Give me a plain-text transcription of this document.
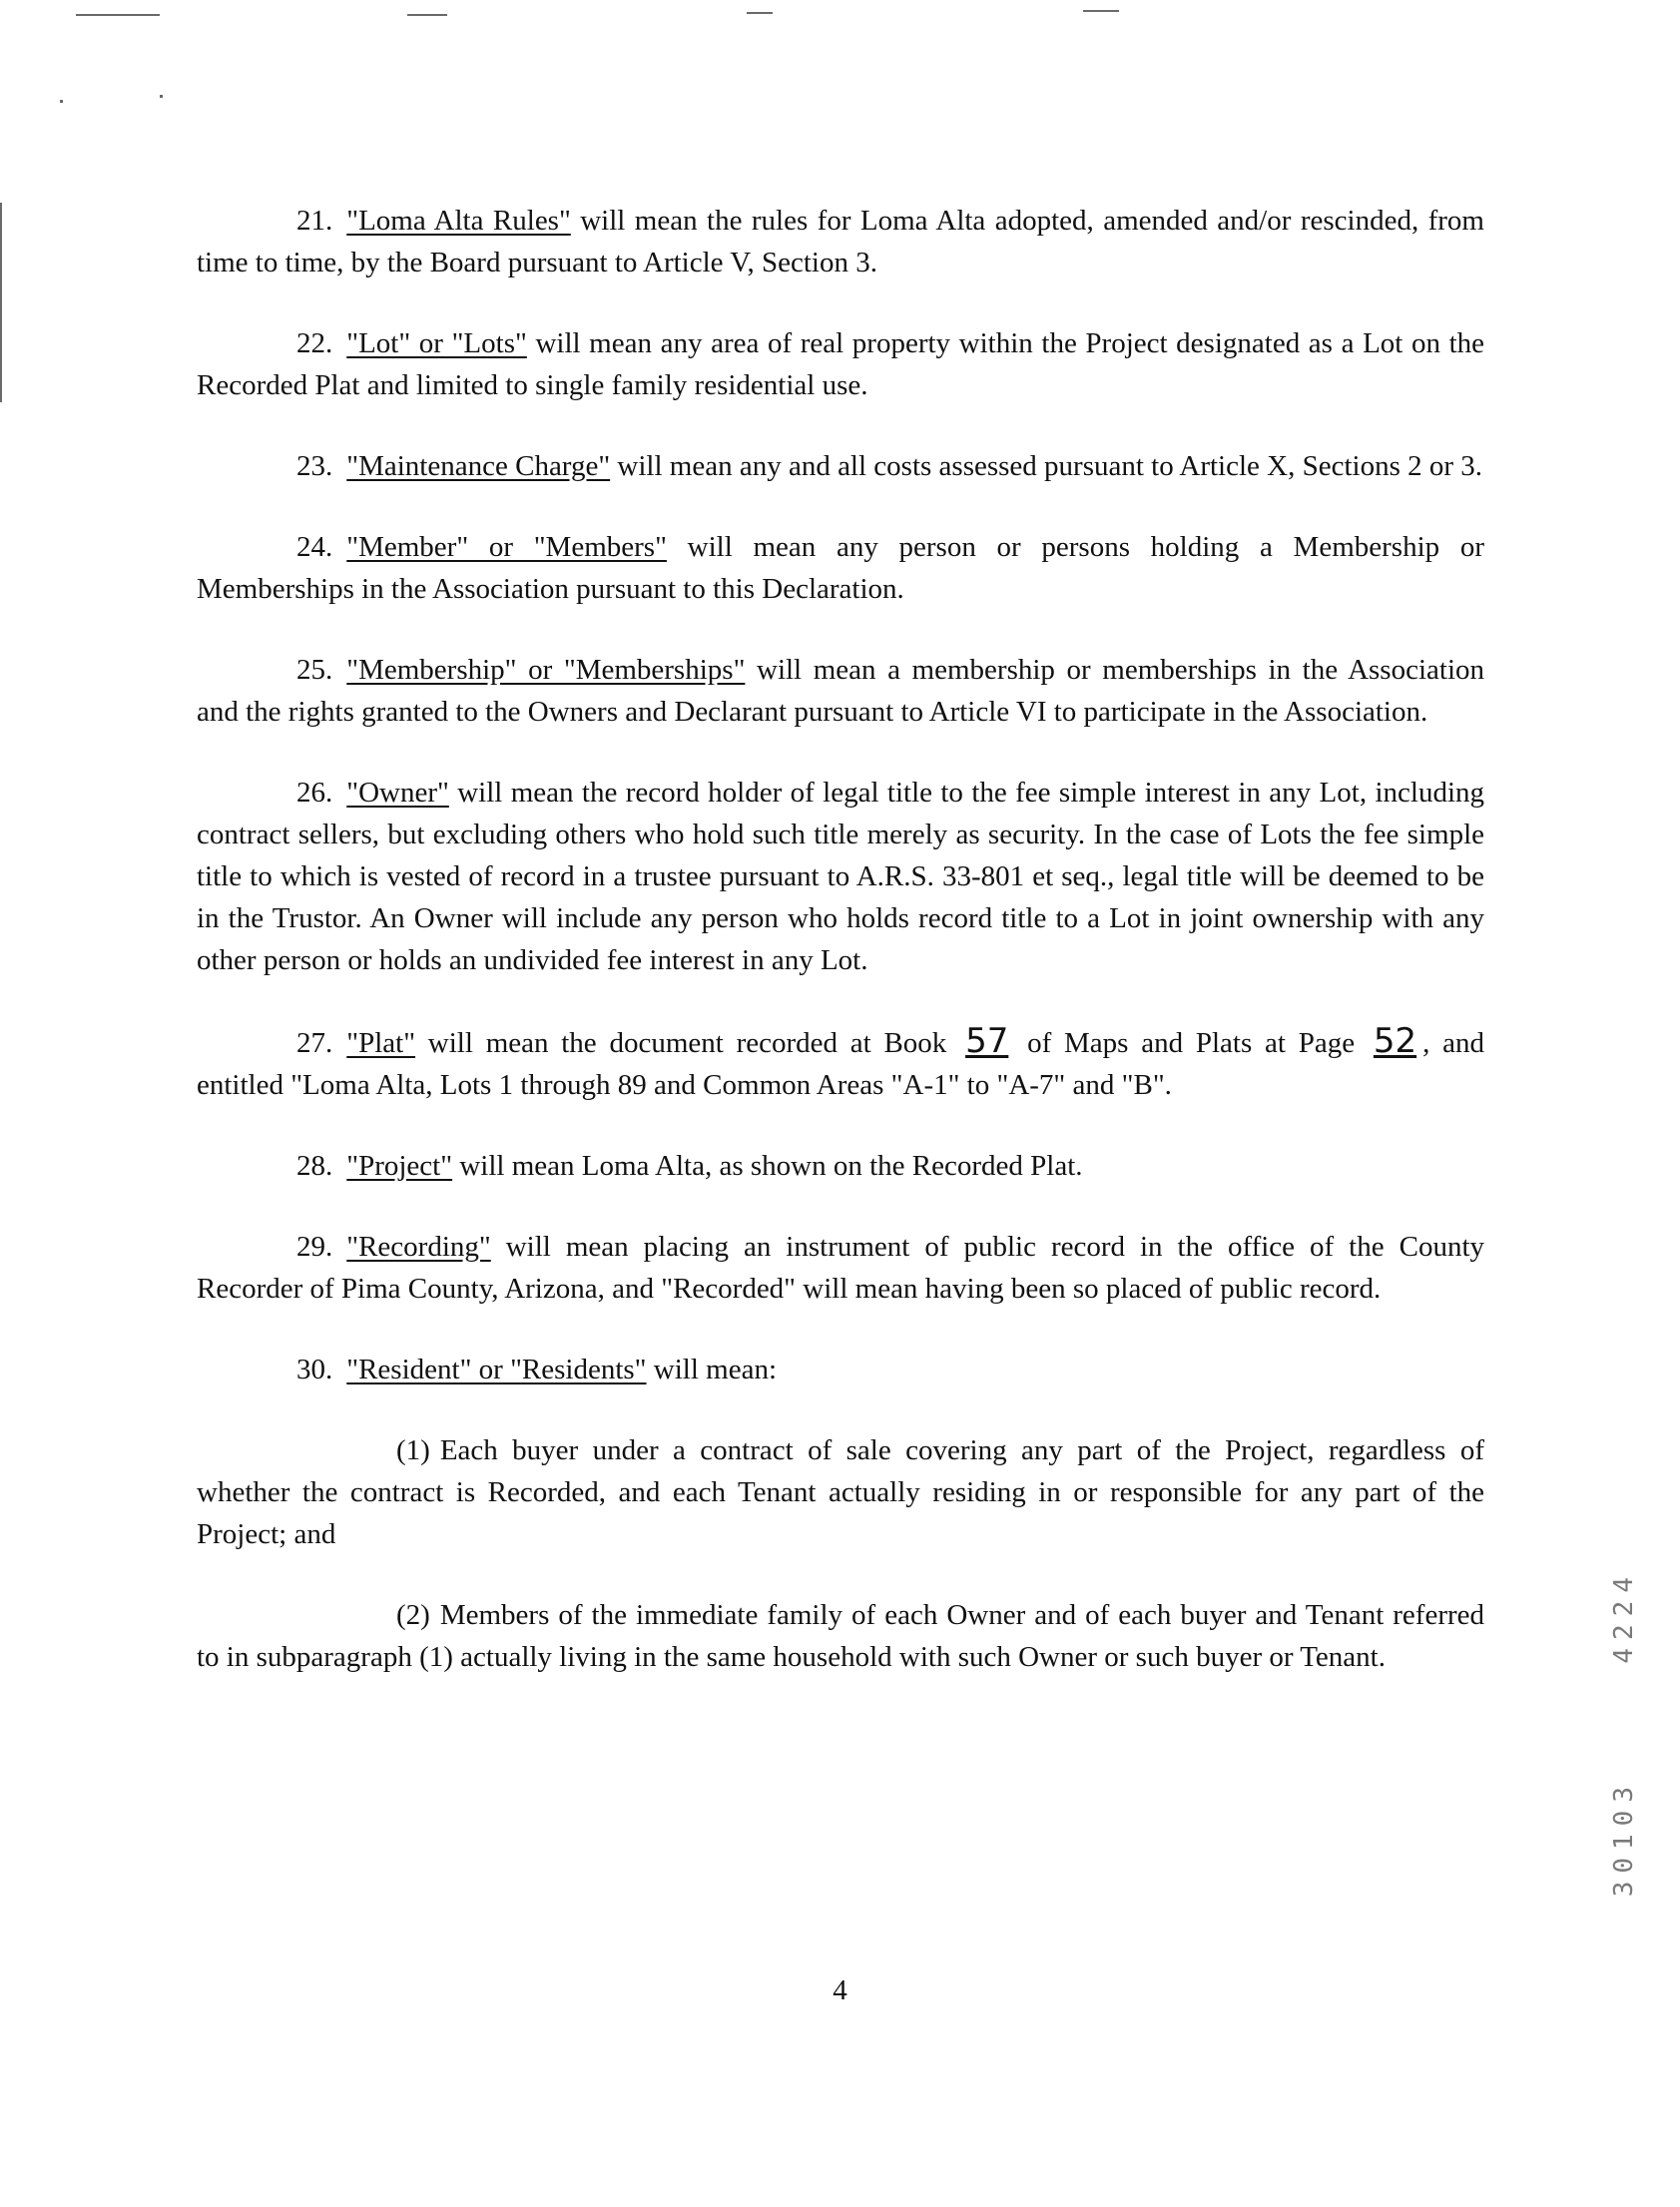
21. "Loma Alta Rules" will mean the rules for Loma Alta adopted, amended and/or rescinded, from time to time, by the Board pursuant to Article V, Section 3.

22. "Lot" or "Lots" will mean any area of real property within the Project designated as a Lot on the Recorded Plat and limited to single family residential use.

23. "Maintenance Charge" will mean any and all costs assessed pursuant to Article X, Sections 2 or 3.

24. "Member" or "Members" will mean any person or persons holding a Membership or Memberships in the Association pursuant to this Declaration.

25. "Membership" or "Memberships" will mean a membership or memberships in the Association and the rights granted to the Owners and Declarant pursuant to Article VI to participate in the Association.

26. "Owner" will mean the record holder of legal title to the fee simple interest in any Lot, including contract sellers, but excluding others who hold such title merely as security. In the case of Lots the fee simple title to which is vested of record in a trustee pursuant to A.R.S. 33-801 et seq., legal title will be deemed to be in the Trustor. An Owner will include any person who holds record title to a Lot in joint ownership with any other person or holds an undivided fee interest in any Lot.

27. "Plat" will mean the document recorded at Book 57 of Maps and Plats at Page 52 , and entitled "Loma Alta, Lots 1 through 89 and Common Areas "A-1" to "A-7" and "B".

28. "Project" will mean Loma Alta, as shown on the Recorded Plat.

29. "Recording" will mean placing an instrument of public record in the office of the County Recorder of Pima County, Arizona, and "Recorded" will mean having been so placed of public record.

30. "Resident" or "Residents" will mean:

(1) Each buyer under a contract of sale covering any part of the Project, regardless of whether the contract is Recorded, and each Tenant actually residing in or responsible for any part of the Project; and

(2) Members of the immediate family of each Owner and of each buyer and Tenant referred to in subparagraph (1) actually living in the same household with such Owner or such buyer or Tenant.

4
4224
30103
